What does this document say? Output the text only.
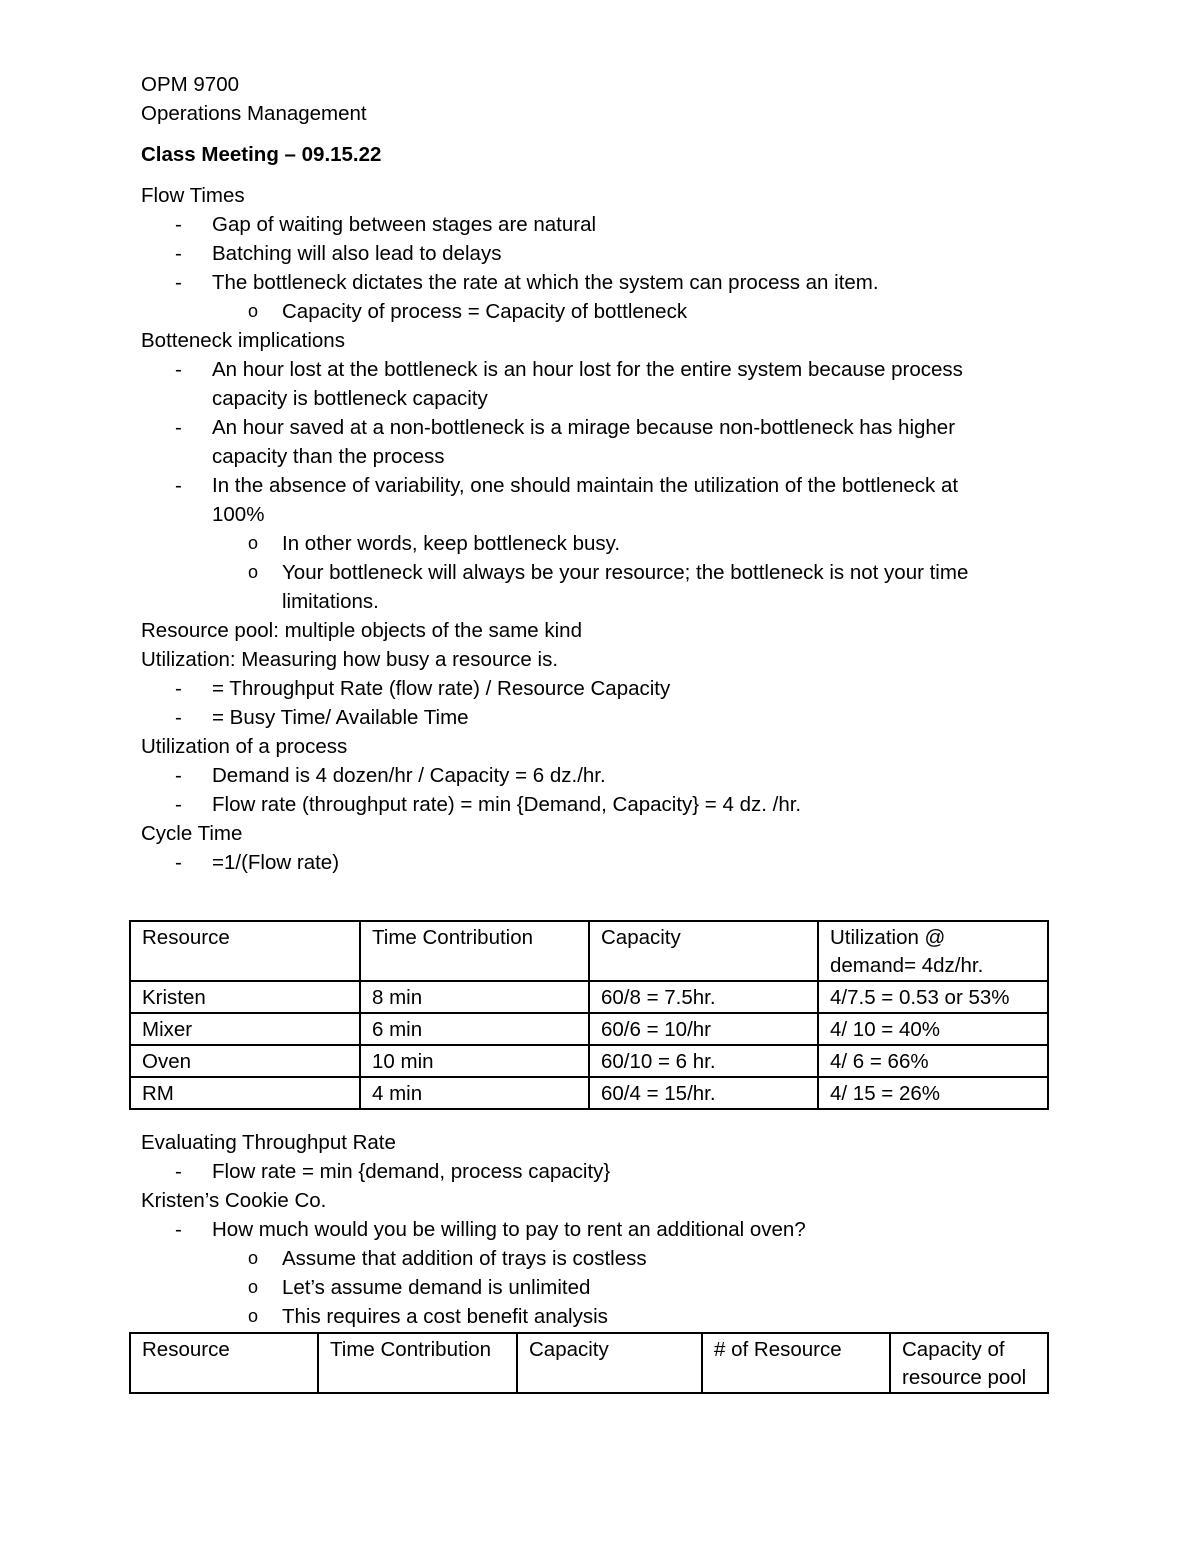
OPM 9700
Operations Management
Class Meeting – 09.15.22
Flow Times
- Gap of waiting between stages are natural
- Batching will also lead to delays
- The bottleneck dictates the rate at which the system can process an item.
o Capacity of process = Capacity of bottleneck
Botteneck implications
- An hour lost at the bottleneck is an hour lost for the entire system because process
capacity is bottleneck capacity
- An hour saved at a non-bottleneck is a mirage because non-bottleneck has higher
capacity than the process
- In the absence of variability, one should maintain the utilization of the bottleneck at
100%
o In other words, keep bottleneck busy.
o Your bottleneck will always be your resource; the bottleneck is not your time
limitations.
Resource pool: multiple objects of the same kind
Utilization: Measuring how busy a resource is.
- = Throughput Rate (flow rate) / Resource Capacity
- = Busy Time/ Available Time
Utilization of a process
- Demand is 4 dozen/hr / Capacity = 6 dz./hr.
- Flow rate (throughput rate) = min {Demand, Capacity} = 4 dz. /hr.
Cycle Time
- =1/(Flow rate)
Resource	Time Contribution	Capacity	Utilization @
demand= 4dz/hr.
Kristen	8 min	60/8 = 7.5hr.	4/7.5 = 0.53 or 53%
Mixer	6 min	60/6 = 10/hr	4/ 10 = 40%
Oven	10 min	60/10 = 6 hr.	4/ 6 = 66%
RM	4 min	60/4 = 15/hr.	4/ 15 = 26%
Evaluating Throughput Rate
- Flow rate = min {demand, process capacity}
Kristen’s Cookie Co.
- How much would you be willing to pay to rent an additional oven?
o Assume that addition of trays is costless
o Let’s assume demand is unlimited
o This requires a cost benefit analysis
Resource	Time Contribution	Capacity	# of Resource	Capacity of
resource pool
